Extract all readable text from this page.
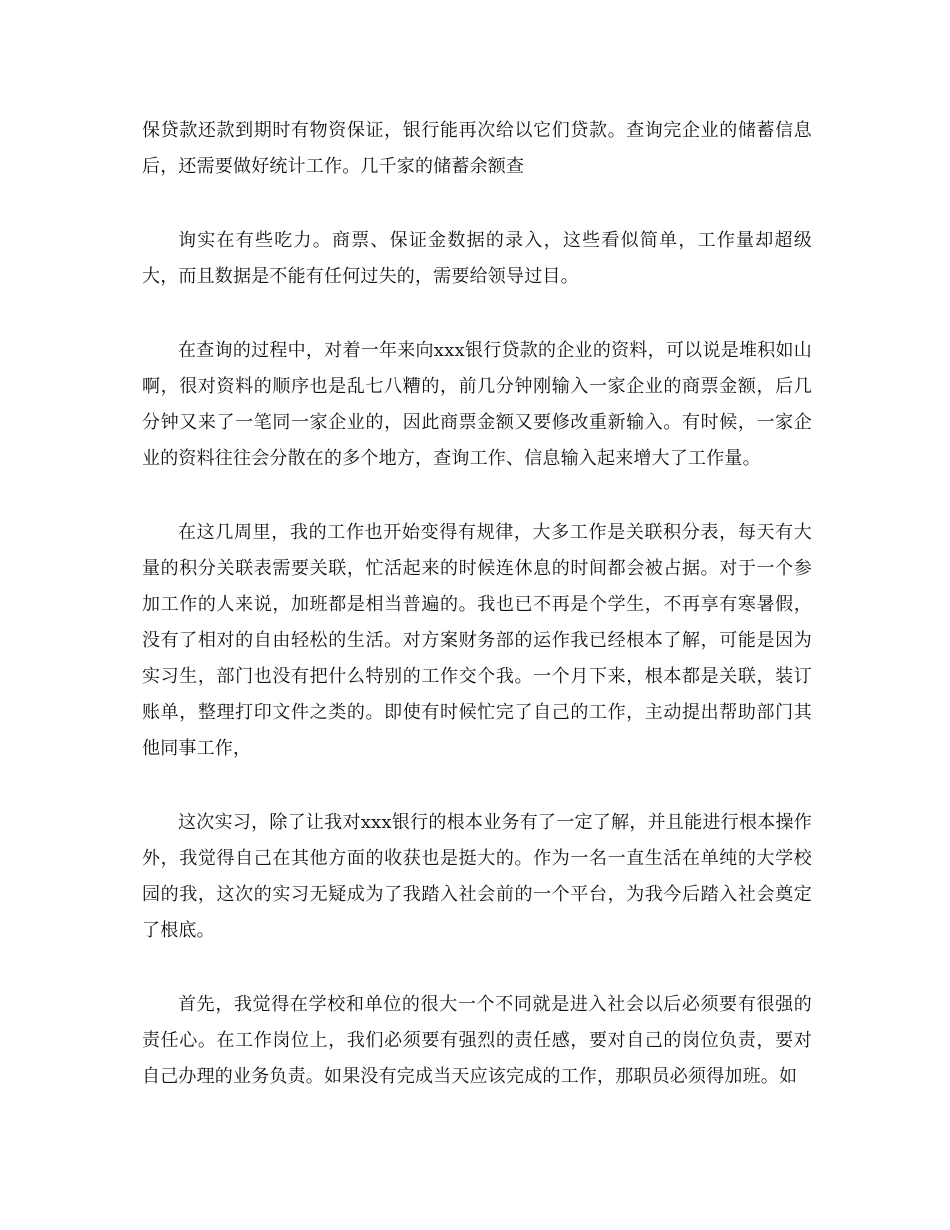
保贷款还款到期时有物资保证，银行能再次给以它们贷款。查询完企业的储蓄信息后，还需要做好统计工作。几千家的储蓄余额查

询实在有些吃力。商票、保证金数据的录入，这些看似简单，工作量却超级大，而且数据是不能有任何过失的，需要给领导过目。

在查询的过程中，对着一年来向xxx银行贷款的企业的资料，可以说是堆积如山啊，很对资料的顺序也是乱七八糟的，前几分钟刚输入一家企业的商票金额，后几分钟又来了一笔同一家企业的，因此商票金额又要修改重新输入。有时候，一家企业的资料往往会分散在的多个地方，查询工作、信息输入起来增大了工作量。

在这几周里，我的工作也开始变得有规律，大多工作是关联积分表，每天有大量的积分关联表需要关联，忙活起来的时候连休息的时间都会被占据。对于一个参加工作的人来说，加班都是相当普遍的。我也已不再是个学生，不再享有寒暑假，没有了相对的自由轻松的生活。对方案财务部的运作我已经根本了解，可能是因为实习生，部门也没有把什么特别的工作交个我。一个月下来，根本都是关联，装订账单，整理打印文件之类的。即使有时候忙完了自己的工作，主动提出帮助部门其他同事工作，

这次实习，除了让我对xxx银行的根本业务有了一定了解，并且能进行根本操作外，我觉得自己在其他方面的收获也是挺大的。作为一名一直生活在单纯的大学校园的我，这次的实习无疑成为了我踏入社会前的一个平台，为我今后踏入社会奠定了根底。

首先，我觉得在学校和单位的很大一个不同就是进入社会以后必须要有很强的责任心。在工作岗位上，我们必须要有强烈的责任感，要对自己的岗位负责，要对自己办理的业务负责。如果没有完成当天应该完成的工作，那职员必须得加班。如
